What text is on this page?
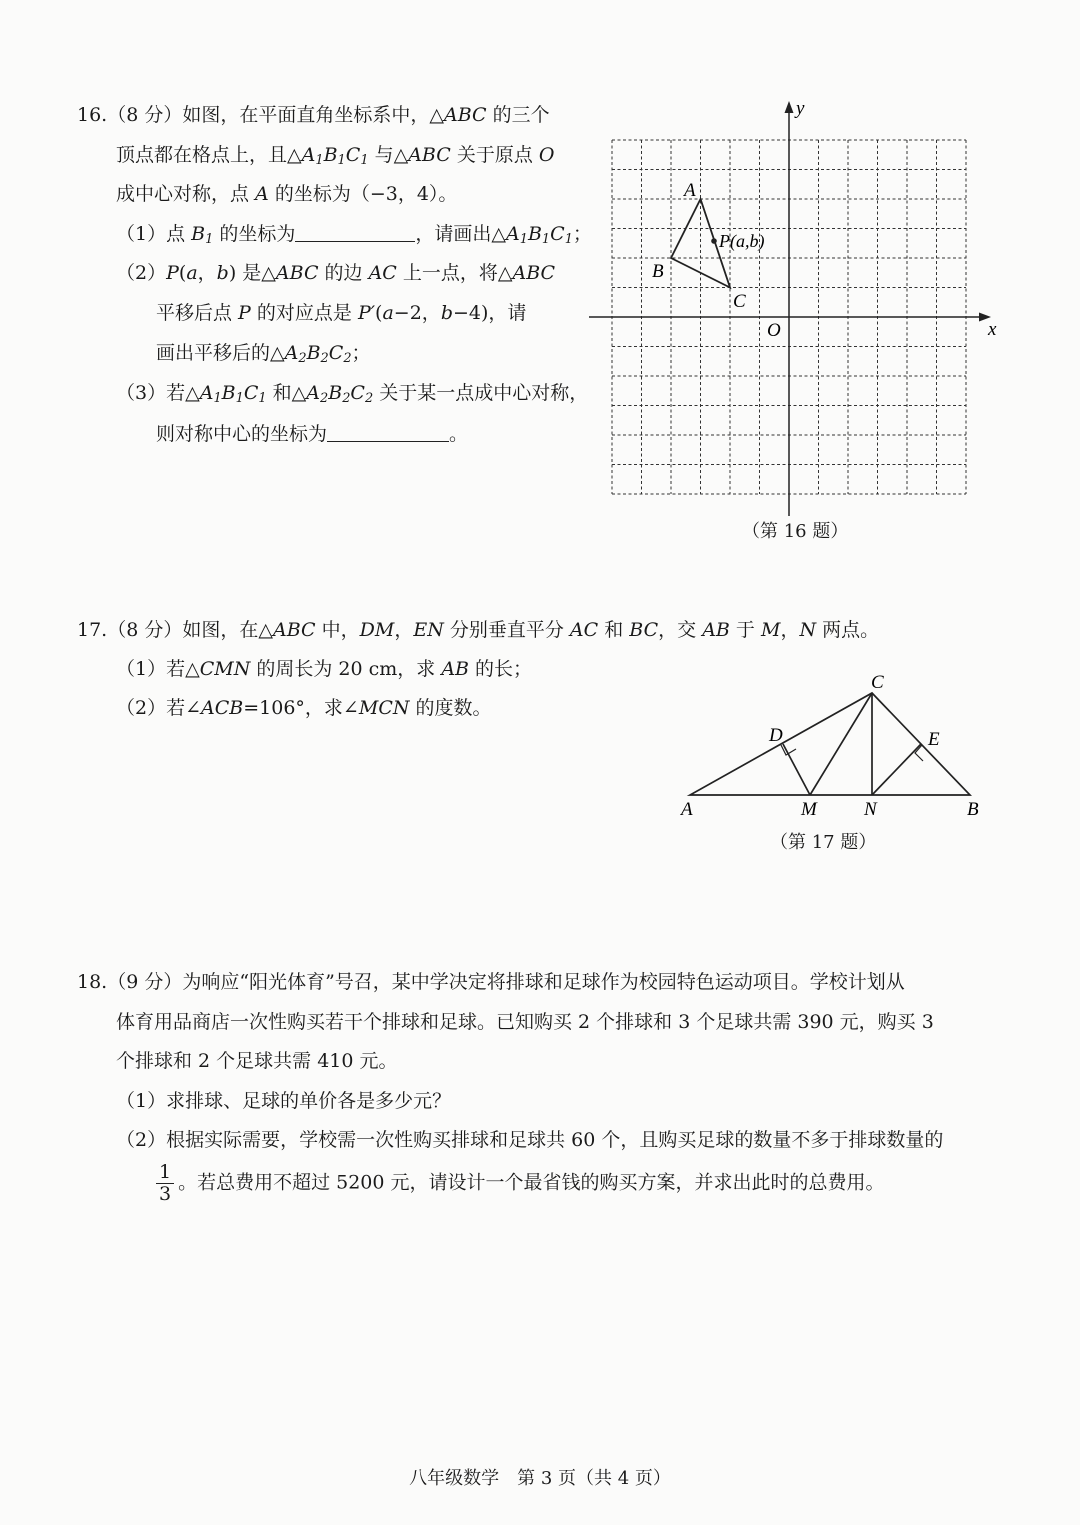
16.（8 分）如图，在平面直角坐标系中，△ABC 的三个
顶点都在格点上，且$\triangle A_1B_1C_1$ 与△ABC 关于原点 O
成中心对称，点 A 的坐标为（−3，4）。
（1）点 $B_1$ 的坐标为	，请画出$\triangle A_1B_1C_1$；
（2）P(a，b) 是△ABC 的边 AC 上一点，将△ABC
平移后点 P 的对应点是 P′(a−2，b−4)，请
画出平移后的$\triangle A_2B_2C_2$；
（3）若$\triangle A_1B_1C_1$ 和$\triangle A_2B_2C_2$ 关于某一点成中心对称，
则对称中心的坐标为	。
y
x
O
A
B
C
P(a,b)
（第 16 题）
17.（8 分）如图，在△ABC 中，DM，EN 分别垂直平分 AC 和 BC，交 AB 于 M，N 两点。
（1）若△CMN 的周长为 20 cm，求 AB 的长；
（2）若∠ACB=106°，求∠MCN 的度数。
A	B
C
D	E
M N
（第 17 题）
18.（9 分）为响应“阳光体育”号召，某中学决定将排球和足球作为校园特色运动项目。学校计划从
体育用品商店一次性购买若干个排球和足球。已知购买 2 个排球和 3 个足球共需 390 元，购买 3
个排球和 2 个足球共需 410 元。
（1）求排球、足球的单价各是多少元？
（2）根据实际需要，学校需一次性购买排球和足球共 60 个，且购买足球的数量不多于排球数量的
$\frac{1}{3}$ 。若总费用不超过 5200 元，请设计一个最省钱的购买方案，并求出此时的总费用。
八年级数学　第 3 页（共 4 页）
